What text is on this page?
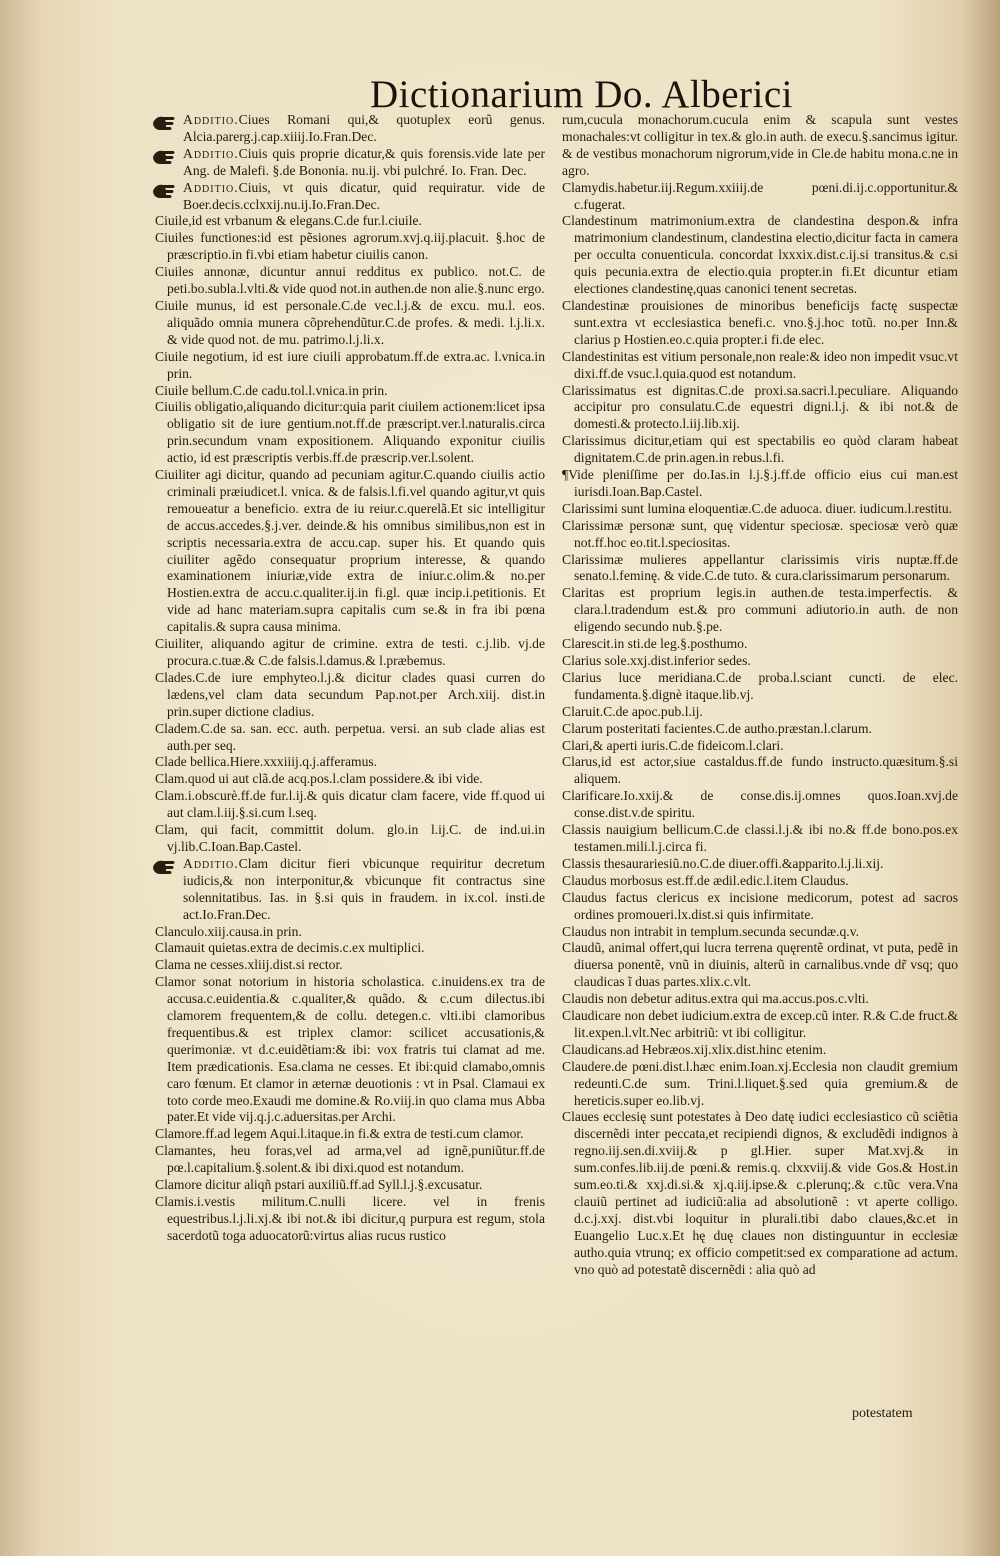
Dictionarium Do. Alberici

Additio.Ciues Romani qui,& quotuplex eorũ genus. Alcia.parerg.j.cap.xiiij.Io.Fran.Dec.

Additio.Ciuis quis proprie dicatur,& quis forensis.vide late per Ang. de Malefi. §.de Bononia. nu.ij. vbi pulchré. Io. Fran. Dec.

Additio.Ciuis, vt quis dicatur, quid requiratur. vide de Boer.decis.cclxxij.nu.ij.Io.Fran.Dec.

Ciuile,id est vrbanum & elegans.C.de fur.l.ciuile.

Ciuiles functiones:id est pẽsiones agrorum.xvj.q.iij.placuit. §.hoc de præscriptio.in fi.vbi etiam habetur ciuilis canon.

Ciuiles annonæ, dicuntur annui redditus ex publico. not.C. de peti.bo.subla.l.vlti.& vide quod not.in authen.de non alie.§.nunc ergo.

Ciuile munus, id est personale.C.de vec.l.j.& de excu. mu.l. eos. aliquãdo omnia munera cõprehendũtur.C.de profes. & medi. l.j.li.x. & vide quod not. de mu. patrimo.l.j.li.x.

Ciuile negotium, id est iure ciuili approbatum.ff.de extra.ac. l.vnica.in prin.

Ciuile bellum.C.de cadu.tol.l.vnica.in prin.

Ciuilis obligatio,aliquando dicitur:quia parit ciuilem actionem:licet ipsa obligatio sit de iure gentium.not.ff.de præscript.ver.l.naturalis.circa prin.secundum vnam expositionem. Aliquando exponitur ciuilis actio, id est præscriptis verbis.ff.de præscrip.ver.l.solent.

Ciuiliter agi dicitur, quando ad pecuniam agitur.C.quando ciuilis actio criminali præiudicet.l. vnica. & de falsis.l.fi.vel quando agitur,vt quis remoueatur a beneficio. extra de iu reiur.c.querelã.Et sic intelligitur de accus.accedes.§.j.ver. deinde.& his omnibus similibus,non est in scriptis necessaria.extra de accu.cap. super his. Et quando quis ciuiliter agẽdo consequatur proprium interesse, & quando examinationem iniuriæ,vide extra de iniur.c.olim.& no.per Hostien.extra de accu.c.qualiter.ij.in fi.gl. quæ incip.i.petitionis. Et vide ad hanc materiam.supra capitalis cum se.& in fra ibi pœna capitalis.& supra causa minima.

Ciuiliter, aliquando agitur de crimine. extra de testi. c.j.lib. vj.de procura.c.tuæ.& C.de falsis.l.damus.& l.præbemus.

Clades.C.de iure emphyteo.l.j.& dicitur clades quasi curren do lædens,vel clam data secundum Pap.not.per Arch.xiij. dist.in prin.super dictione cladius.

Cladem.C.de sa. san. ecc. auth. perpetua. versi. an sub clade alias est auth.per seq.

Clade bellica.Hiere.xxxiiij.q.j.afferamus.

Clam.quod ui aut clã.de acq.pos.l.clam possidere.& ibi vide.

Clam.i.obscurè.ff.de fur.l.ij.& quis dicatur clam facere, vide ff.quod ui aut clam.l.iij.§.si.cum l.seq.

Clam, qui facit, committit dolum. glo.in l.ij.C. de ind.ui.in vj.lib.C.Ioan.Bap.Castel.

Additio.Clam dicitur fieri vbicunque requiritur decretum iudicis,& non interponitur,& vbicunque fit contractus sine solennitatibus. Ias. in §.si quis in fraudem. in ix.col. insti.de act.Io.Fran.Dec.

Clanculo.xiij.causa.in prin.

Clamauit quietas.extra de decimis.c.ex multiplici.

Clama ne cesses.xliij.dist.si rector.

Clamor sonat notorium in historia scholastica. c.inuidens.ex tra de accusa.c.euidentia.& c.qualiter,& quãdo. & c.cum dilectus.ibi clamorem frequentem,& de collu. detegen.c. vlti.ibi clamoribus frequentibus.& est triplex clamor: scilicet accusationis,& querimoniæ. vt d.c.euidẽtiam:& ibi: vox fratris tui clamat ad me. Item prædicationis. Esa.clama ne cesses. Et ibi:quid clamabo,omnis caro fœnum. Et clamor in æternæ deuotionis : vt in Psal. Clamaui ex toto corde meo.Exaudi me domine.& Ro.viij.in quo clama mus Abba pater.Et vide vij.q.j.c.aduersitas.per Archi.

Clamore.ff.ad legem Aqui.l.itaque.in fi.& extra de testi.cum clamor.

Clamantes, heu foras,vel ad arma,vel ad ignẽ,puniũtur.ff.de pœ.l.capitalium.§.solent.& ibi dixi.quod est notandum.

Clamore dicitur aliqñ pstari auxiliũ.ff.ad Syll.l.j.§.excusatur.

Clamis.i.vestis militum.C.nulli licere. vel in frenis equestribus.l.j.li.xj.& ibi not.& ibi dicitur,q purpura est regum, stola sacerdotũ toga aduocatorũ:virtus alias rucus rustico

rum,cucula monachorum.cucula enim & scapula sunt vestes monachales:vt colligitur in tex.& glo.in auth. de execu.§.sancimus igitur. & de vestibus monachorum nigrorum,vide in Cle.de habitu mona.c.ne in agro.

Clamydis.habetur.iij.Regum.xxiiij.de pœni.di.ij.c.opportunitur.& c.fugerat.

Clandestinum matrimonium.extra de clandestina despon.& infra matrimonium clandestinum, clandestina electio,dicitur facta in camera per occulta conuenticula. concordat lxxxix.dist.c.ij.si transitus.& c.si quis pecunia.extra de electio.quia propter.in fi.Et dicuntur etiam electiones clandestinę,quas canonici tenent secretas.

Clandestinæ prouisiones de minoribus beneficijs factę suspectæ sunt.extra vt ecclesiastica benefi.c. vno.§.j.hoc totũ. no.per Inn.& clarius p Hostien.eo.c.quia propter.i fi.de elec.

Clandestinitas est vitium personale,non reale:& ideo non impedit vsuc.vt dixi.ff.de vsuc.l.quia.quod est notandum.

Clarissimatus est dignitas.C.de proxi.sa.sacri.l.peculiare. Aliquando accipitur pro consulatu.C.de equestri digni.l.j. & ibi not.& de domesti.& protecto.l.iij.lib.xij.

Clarissimus dicitur,etiam qui est spectabilis eo quòd claram habeat dignitatem.C.de prin.agen.in rebus.l.fi.

¶Vide pleniſſime per do.Ias.in l.j.§.j.ff.de officio eius cui man.est iurisdi.Ioan.Bap.Castel.

Clarissimi sunt lumina eloquentiæ.C.de aduoca. diuer. iudicum.l.restitu.

Clarissimæ personæ sunt, quę videntur speciosæ. speciosæ verò quæ not.ff.hoc eo.tit.l.speciositas.

Clarissimæ mulieres appellantur clarissimis viris nuptæ.ff.de senato.l.feminę. & vide.C.de tuto. & cura.clarissimarum personarum.

Claritas est proprium legis.in authen.de testa.imperfectis. & clara.l.tradendum est.& pro communi adiutorio.in auth. de non eligendo secundo nub.§.pe.

Clarescit.in sti.de leg.§.posthumo.

Clarius sole.xxj.dist.inferior sedes.

Clarius luce meridiana.C.de proba.l.sciant cuncti. de elec. fundamenta.§.dignè itaque.lib.vj.

Claruit.C.de apoc.pub.l.ij.

Clarum posteritati facientes.C.de autho.præstan.l.clarum.

Clari,& aperti iuris.C.de fideicom.l.clari.

Clarus,id est actor,siue castaldus.ff.de fundo instructo.quæsitum.§.si aliquem.

Clarificare.Io.xxij.& de conse.dis.ij.omnes quos.Ioan.xvj.de conse.dist.v.de spiritu.

Classis nauigium bellicum.C.de classi.l.j.& ibi no.& ff.de bono.pos.ex testamen.mili.l.j.circa fi.

Classis thesaurariesiũ.no.C.de diuer.offi.&apparito.l.j.li.xij.

Claudus morbosus est.ff.de ædil.edic.l.item Claudus.

Claudus factus clericus ex incisione medicorum, potest ad sacros ordines promoueri.lx.dist.si quis infirmitate.

Claudus non intrabit in templum.secunda secundæ.q.v.

Claudũ, animal offert,qui lucra terrena quęrentẽ ordinat, vt puta, pedẽ in diuersa ponentẽ, vnũ in diuinis, alterũ in carnalibus.vnde dr̃ vsq; quo claudicas ĩ duas partes.xlix.c.vlt.

Claudis non debetur aditus.extra qui ma.accus.pos.c.vlti.

Claudicare non debet iudicium.extra de excep.cũ inter. R.& C.de fruct.& lit.expen.l.vlt.Nec arbitriũ: vt ibi colligitur.

Claudicans.ad Hebræos.xij.xlix.dist.hinc etenim.

Claudere.de pœni.dist.l.hæc enim.Ioan.xj.Ecclesia non claudit gremium redeunti.C.de sum. Trini.l.liquet.§.sed quia gremium.& de hereticis.super eo.lib.vj.

Claues ecclesię sunt potestates à Deo datę iudici ecclesiastico cũ sciẽtia discernẽdi inter peccata,et recipiendi dignos, & excludẽdi indignos à regno.iij.sen.di.xviij.& p gl.Hier. super Mat.xvj.& in sum.confes.lib.iij.de pœni.& remis.q. clxxviij.& vide Gos.& Host.in sum.eo.ti.& xxj.di.si.& xj.q.iij.ipse.& c.plerunq;.& c.tũc vera.Vna clauiũ pertinet ad iudiciũ:alia ad absolutionẽ : vt aperte colligo. d.c.j.xxj. dist.vbi loquitur in plurali.tibi dabo claues,&c.et in Euangelio Luc.x.Et hę duę claues non distinguuntur in ecclesiæ autho.quia vtrunq; ex officio competit:sed ex comparatione ad actum. vno quò ad potestatẽ discernẽdi : alia quò ad

potestatem
